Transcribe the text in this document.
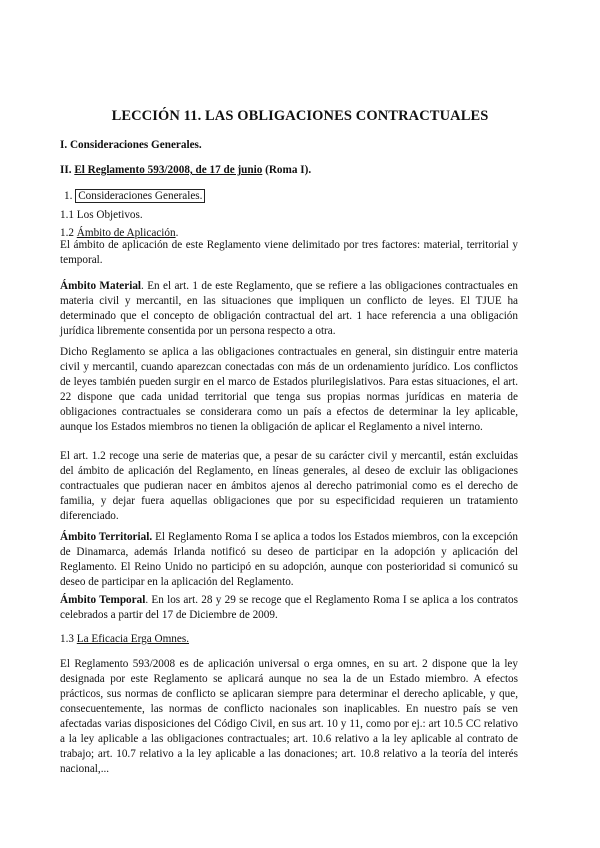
LECCIÓN 11. LAS OBLIGACIONES CONTRACTUALES
I. Consideraciones Generales.
II. El Reglamento 593/2008, de 17 de junio (Roma I).
1. Consideraciones Generales.
1.1 Los Objetivos.
1.2 Ámbito de Aplicación.
El ámbito de aplicación de este Reglamento viene delimitado por tres factores: material, territorial y temporal.
Ámbito Material. En el art. 1 de este Reglamento, que se refiere a las obligaciones contractuales en materia civil y mercantil, en las situaciones que impliquen un conflicto de leyes. El TJUE ha determinado que el concepto de obligación contractual del art. 1 hace referencia a una obligación jurídica libremente consentida por un persona respecto a otra.
Dicho Reglamento se aplica a las obligaciones contractuales en general, sin distinguir entre materia civil y mercantil, cuando aparezcan conectadas con más de un ordenamiento jurídico. Los conflictos de leyes también pueden surgir en el marco de Estados plurilegislativos. Para estas situaciones, el art. 22 dispone que cada unidad territorial que tenga sus propias normas jurídicas en materia de obligaciones contractuales se considerara como un país a efectos de determinar la ley aplicable, aunque los Estados miembros no tienen la obligación de aplicar el Reglamento a nivel interno.
El art. 1.2 recoge una serie de materias que, a pesar de su carácter civil y mercantil, están excluidas del ámbito de aplicación del Reglamento, en líneas generales, al deseo de excluir las obligaciones contractuales que pudieran nacer en ámbitos ajenos al derecho patrimonial como es el derecho de familia, y dejar fuera aquellas obligaciones que por su especificidad requieren un tratamiento diferenciado.
Ámbito Territorial. El Reglamento Roma I se aplica a todos los Estados miembros, con la excepción de Dinamarca, además Irlanda notificó su deseo de participar en la adopción y aplicación del Reglamento. El Reino Unido no participó en su adopción, aunque con posterioridad si comunicó su deseo de participar en la aplicación del Reglamento.
Ámbito Temporal. En los art. 28 y 29 se recoge que el Reglamento Roma I se aplica a los contratos celebrados a partir del 17 de Diciembre de 2009.
1.3 La Eficacia Erga Omnes.
El Reglamento 593/2008 es de aplicación universal o erga omnes, en su art. 2 dispone que la ley designada por este Reglamento se aplicará aunque no sea la de un Estado miembro. A efectos prácticos, sus normas de conflicto se aplicaran siempre para determinar el derecho aplicable, y que, consecuentemente, las normas de conflicto nacionales son inaplicables. En nuestro país se ven afectadas varias disposiciones del Código Civil, en sus art. 10 y 11, como por ej.: art 10.5 CC relativo a la ley aplicable a las obligaciones contractuales; art. 10.6 relativo a la ley aplicable al contrato de trabajo; art. 10.7 relativo a la ley aplicable a las donaciones; art. 10.8 relativo a la teoría del interés nacional,...
